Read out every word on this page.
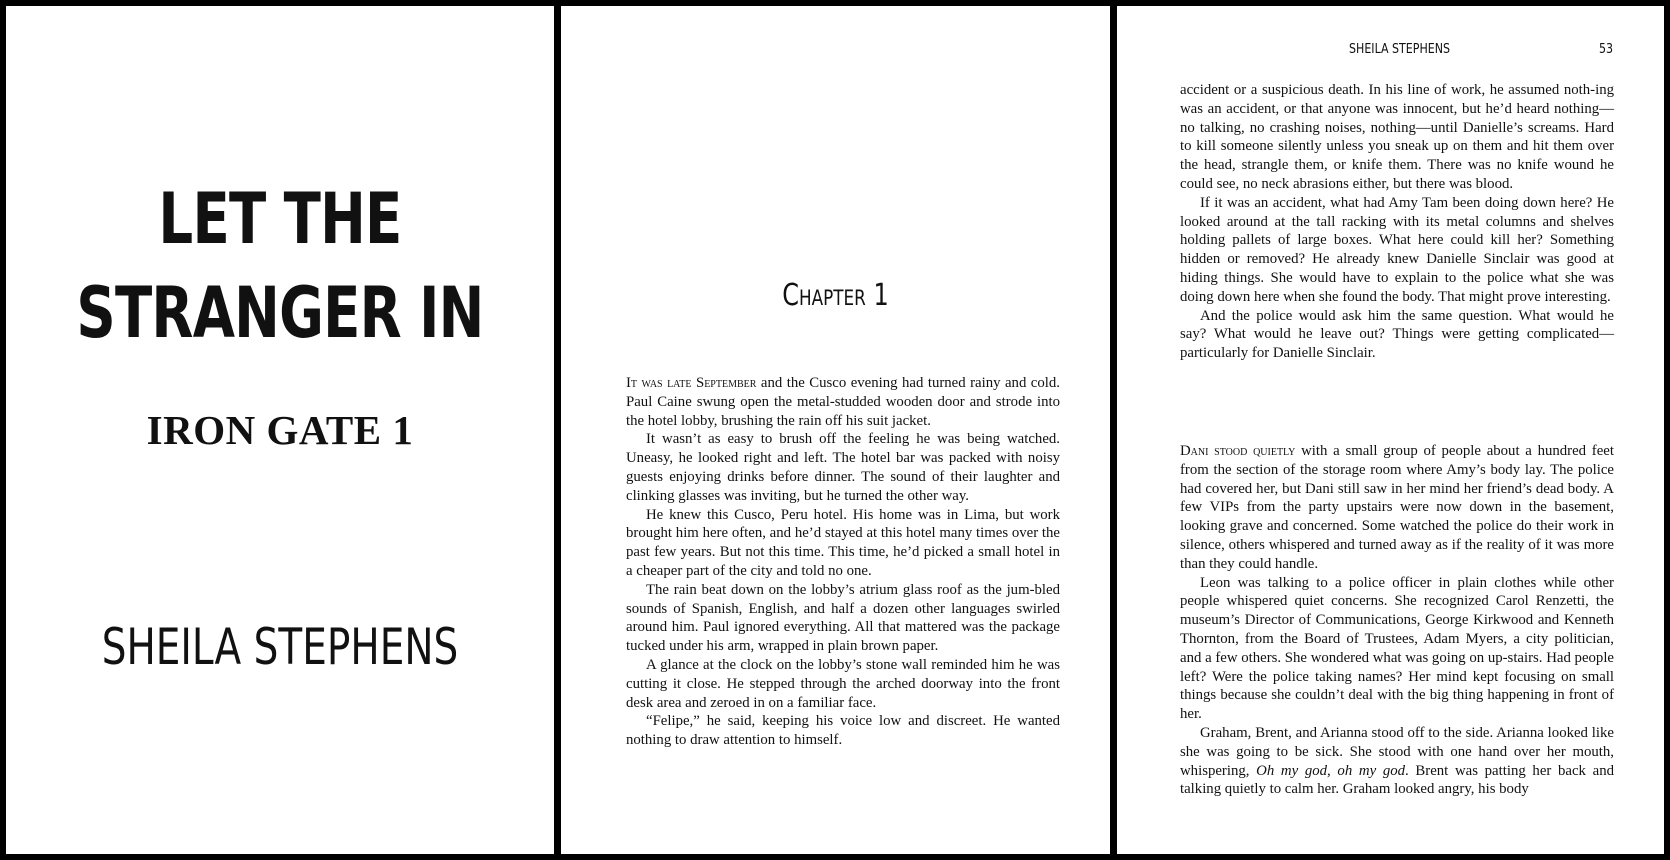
LET THE
STRANGER IN
IRON GATE 1
SHEILA STEPHENS
Chapter 1

It was late September and the Cusco evening had turned rainy and cold. Paul Caine swung open the metal-studded wooden door and strode into the hotel lobby, brushing the rain off his suit jacket.

It wasn’t as easy to brush off the feeling he was being watched. Uneasy, he looked right and left. The hotel bar was packed with noisy guests enjoying drinks before dinner. The sound of their laughter and clinking glasses was inviting, but he turned the other way.

He knew this Cusco, Peru hotel. His home was in Lima, but work brought him here often, and he’d stayed at this hotel many times over the past few years. But not this time. This time, he’d picked a small hotel in a cheaper part of the city and told no one.

The rain beat down on the lobby’s atrium glass roof as the jum-bled sounds of Spanish, English, and half a dozen other languages swirled around him. Paul ignored everything. All that mattered was the package tucked under his arm, wrapped in plain brown paper.

A glance at the clock on the lobby’s stone wall reminded him he was cutting it close. He stepped through the arched doorway into the front desk area and zeroed in on a familiar face.

“Felipe,” he said, keeping his voice low and discreet. He wanted nothing to draw attention to himself.

SHEILA STEPHENS	53

accident or a suspicious death. In his line of work, he assumed noth-ing was an accident, or that anyone was innocent, but he’d heard nothing—no talking, no crashing noises, nothing—until Danielle’s screams. Hard to kill someone silently unless you sneak up on them and hit them over the head, strangle them, or knife them. There was no knife wound he could see, no neck abrasions either, but there was blood.

If it was an accident, what had Amy Tam been doing down here? He looked around at the tall racking with its metal columns and shelves holding pallets of large boxes. What here could kill her? Something hidden or removed? He already knew Danielle Sinclair was good at hiding things. She would have to explain to the police what she was doing down here when she found the body. That might prove interesting.

And the police would ask him the same question. What would he say? What would he leave out? Things were getting complicated—particularly for Danielle Sinclair.

Dani stood quietly with a small group of people about a hundred feet from the section of the storage room where Amy’s body lay. The police had covered her, but Dani still saw in her mind her friend’s dead body. A few VIPs from the party upstairs were now down in the basement, looking grave and concerned. Some watched the police do their work in silence, others whispered and turned away as if the reality of it was more than they could handle.

Leon was talking to a police officer in plain clothes while other people whispered quiet concerns. She recognized Carol Renzetti, the museum’s Director of Communications, George Kirkwood and Kenneth Thornton, from the Board of Trustees, Adam Myers, a city politician, and a few others. She wondered what was going on up-stairs. Had people left? Were the police taking names? Her mind kept focusing on small things because she couldn’t deal with the big thing happening in front of her.

Graham, Brent, and Arianna stood off to the side. Arianna looked like she was going to be sick. She stood with one hand over her mouth, whispering, Oh my god, oh my god. Brent was patting her back and talking quietly to calm her. Graham looked angry, his body
